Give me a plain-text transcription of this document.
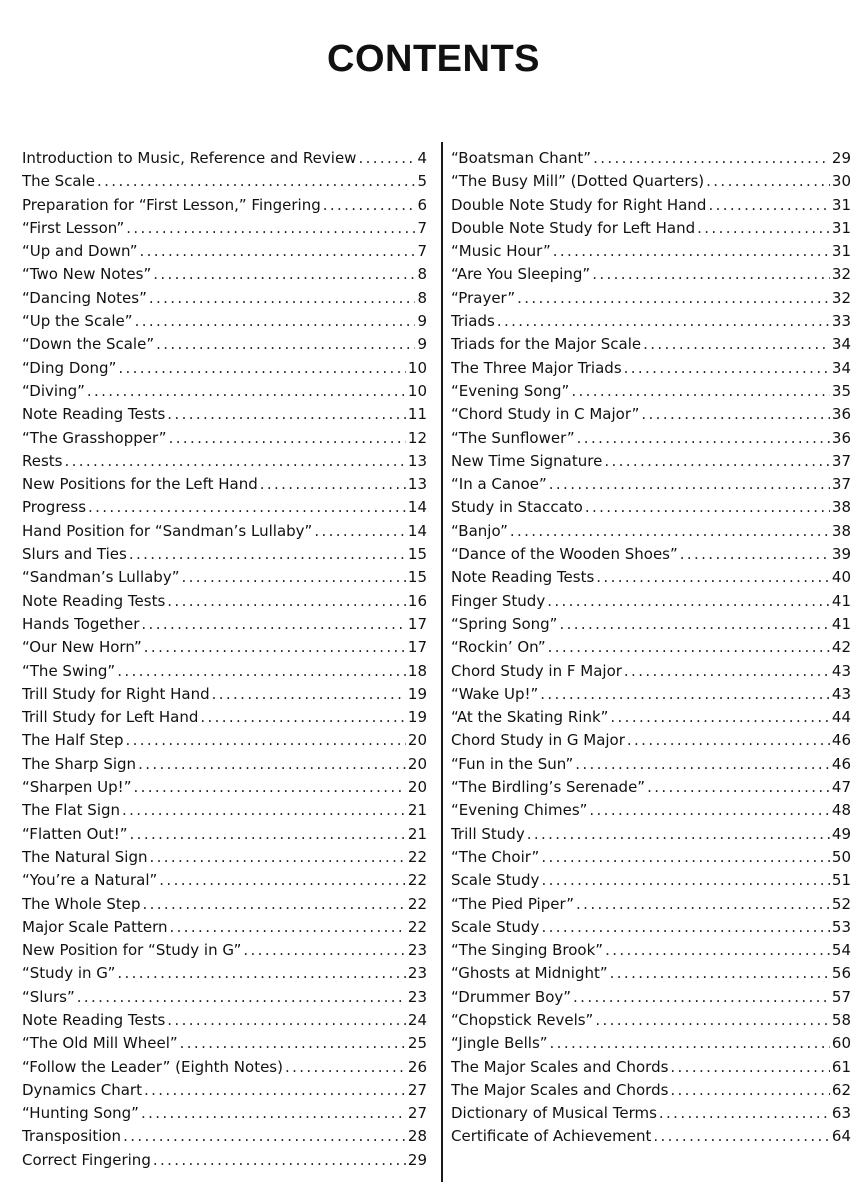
CONTENTS
Introduction to Music, Reference and Review . . .	4
The Scale . . .	5
Preparation for “First Lesson,” Fingering . . .	6
“First Lesson” . . .	7
“Up and Down” . . .	7
“Two New Notes” . . .	8
“Dancing Notes” . . .	8
“Up the Scale” . . .	9
“Down the Scale” . . .	9
“Ding Dong” . . .	10
“Diving” . . .	10
Note Reading Tests . . .	11
“The Grasshopper” . . .	12
Rests . . .	13
New Positions for the Left Hand . . .	13
Progress . . .	14
Hand Position for “Sandman’s Lullaby” . . .	14
Slurs and Ties . . .	15
“Sandman’s Lullaby” . . .	15
Note Reading Tests . . .	16
Hands Together . . .	17
“Our New Horn” . . .	17
“The Swing” . . .	18
Trill Study for Right Hand . . .	19
Trill Study for Left Hand . . .	19
The Half Step . . .	20
The Sharp Sign . . .	20
“Sharpen Up!” . . .	20
The Flat Sign . . .	21
“Flatten Out!” . . .	21
The Natural Sign . . .	22
“You’re a Natural” . . .	22
The Whole Step . . .	22
Major Scale Pattern . . .	22
New Position for “Study in G” . . .	23
“Study in G” . . .	23
“Slurs” . . .	23
Note Reading Tests . . .	24
“The Old Mill Wheel” . . .	25
“Follow the Leader” (Eighth Notes) . . .	26
Dynamics Chart . . .	27
“Hunting Song” . . .	27
Transposition . . .	28
Correct Fingering . . .	29
“Boatsman Chant” . . .	29
“The Busy Mill” (Dotted Quarters) . . .	30
Double Note Study for Right Hand . . .	31
Double Note Study for Left Hand . . .	31
“Music Hour” . . .	31
“Are You Sleeping” . . .	32
“Prayer” . . .	32
Triads . . .	33
Triads for the Major Scale . . .	34
The Three Major Triads . . .	34
“Evening Song” . . .	35
“Chord Study in C Major” . . .	36
“The Sunflower” . . .	36
New Time Signature . . .	37
“In a Canoe” . . .	37
Study in Staccato . . .	38
“Banjo” . . .	38
“Dance of the Wooden Shoes” . . .	39
Note Reading Tests . . .	40
Finger Study . . .	41
“Spring Song” . . .	41
“Rockin’ On” . . .	42
Chord Study in F Major . . .	43
“Wake Up!” . . .	43
“At the Skating Rink” . . .	44
Chord Study in G Major . . .	46
“Fun in the Sun” . . .	46
“The Birdling’s Serenade” . . .	47
“Evening Chimes” . . .	48
Trill Study . . .	49
“The Choir” . . .	50
Scale Study . . .	51
“The Pied Piper” . . .	52
Scale Study . . .	53
“The Singing Brook” . . .	54
“Ghosts at Midnight” . . .	56
“Drummer Boy” . . .	57
“Chopstick Revels” . . .	58
“Jingle Bells” . . .	60
The Major Scales and Chords . . .	61
The Major Scales and Chords . . .	62
Dictionary of Musical Terms . . .	63
Certificate of Achievement . . .	64
